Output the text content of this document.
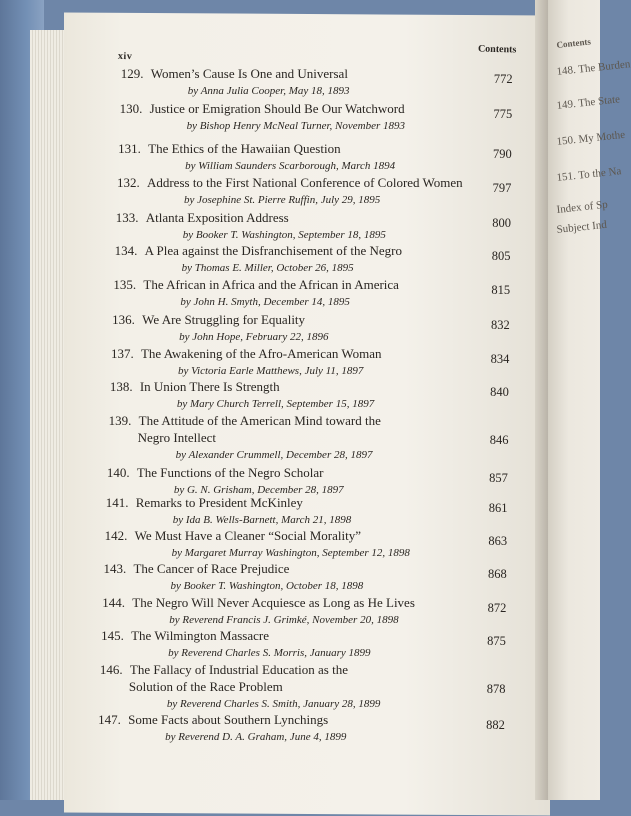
Contents
148. The Burden
149. The State
150. My Mothe
151. To the Na
Index of Sp
Subject Ind
xiv
Contents
129. Women’s Cause Is One and Universal
by Anna Julia Cooper, May 18, 1893
772
130. Justice or Emigration Should Be Our Watchword
by Bishop Henry McNeal Turner, November 1893
775
131. The Ethics of the Hawaiian Question
by William Saunders Scarborough, March 1894
790
132. Address to the First National Conference of Colored Women
by Josephine St. Pierre Ruffin, July 29, 1895
797
133. Atlanta Exposition Address
by Booker T. Washington, September 18, 1895
800
134. A Plea against the Disfranchisement of the Negro
by Thomas E. Miller, October 26, 1895
805
135. The African in Africa and the African in America
by John H. Smyth, December 14, 1895
815
136. We Are Struggling for Equality
by John Hope, February 22, 1896
832
137. The Awakening of the Afro-American Woman
by Victoria Earle Matthews, July 11, 1897
834
138. In Union There Is Strength
by Mary Church Terrell, September 15, 1897
840
139. The Attitude of the American Mind toward the
Negro Intellect
by Alexander Crummell, December 28, 1897
846
140. The Functions of the Negro Scholar
by G. N. Grisham, December 28, 1897
857
141. Remarks to President McKinley
by Ida B. Wells-Barnett, March 21, 1898
861
142. We Must Have a Cleaner “Social Morality”
by Margaret Murray Washington, September 12, 1898
863
143. The Cancer of Race Prejudice
by Booker T. Washington, October 18, 1898
868
144. The Negro Will Never Acquiesce as Long as He Lives
by Reverend Francis J. Grimké, November 20, 1898
872
145. The Wilmington Massacre
by Reverend Charles S. Morris, January 1899
875
146. The Fallacy of Industrial Education as the
Solution of the Race Problem
by Reverend Charles S. Smith, January 28, 1899
878
147. Some Facts about Southern Lynchings
by Reverend D. A. Graham, June 4, 1899
882
